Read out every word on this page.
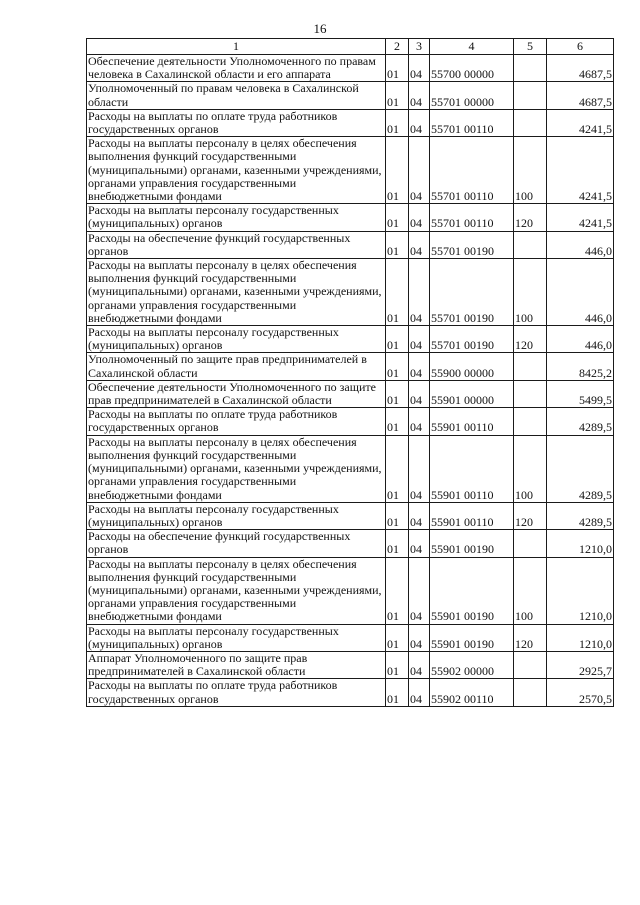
16
1	2	3	4	5	6
Обеспечение деятельности Уполномоченного по правам человека в Сахалинской области и его аппарата	01	04	55700 00000		4687,5
Уполномоченный по правам человека в Сахалинской области	01	04	55701 00000		4687,5
Расходы на выплаты по оплате труда работников государственных органов	01	04	55701 00110		4241,5
Расходы на выплаты персоналу в целях обеспечения выполнения функций государственными (муниципальными) органами, казенными учреждениями, органами управления государственными внебюджетными фондами	01	04	55701 00110	100	4241,5
Расходы на выплаты персоналу государственных (муниципальных) органов	01	04	55701 00110	120	4241,5
Расходы на обеспечение функций государственных органов	01	04	55701 00190		446,0
Расходы на выплаты персоналу в целях обеспечения выполнения функций государственными (муниципальными) органами, казенными учреждениями, органами управления государственными внебюджетными фондами	01	04	55701 00190	100	446,0
Расходы на выплаты персоналу государственных (муниципальных) органов	01	04	55701 00190	120	446,0
Уполномоченный по защите прав предпринимателей в Сахалинской области	01	04	55900 00000		8425,2
Обеспечение деятельности Уполномоченного по защите прав предпринимателей в Сахалинской области	01	04	55901 00000		5499,5
Расходы на выплаты по оплате труда работников государственных органов	01	04	55901 00110		4289,5
Расходы на выплаты персоналу в целях обеспечения выполнения функций государственными (муниципальными) органами, казенными учреждениями, органами управления государственными внебюджетными фондами	01	04	55901 00110	100	4289,5
Расходы на выплаты персоналу государственных (муниципальных) органов	01	04	55901 00110	120	4289,5
Расходы на обеспечение функций государственных органов	01	04	55901 00190		1210,0
Расходы на выплаты персоналу в целях обеспечения выполнения функций государственными (муниципальными) органами, казенными учреждениями, органами управления государственными внебюджетными фондами	01	04	55901 00190	100	1210,0
Расходы на выплаты персоналу государственных (муниципальных) органов	01	04	55901 00190	120	1210,0
Аппарат Уполномоченного по защите прав предпринимателей в Сахалинской области	01	04	55902 00000		2925,7
Расходы на выплаты по оплате труда работников государственных органов	01	04	55902 00110		2570,5
